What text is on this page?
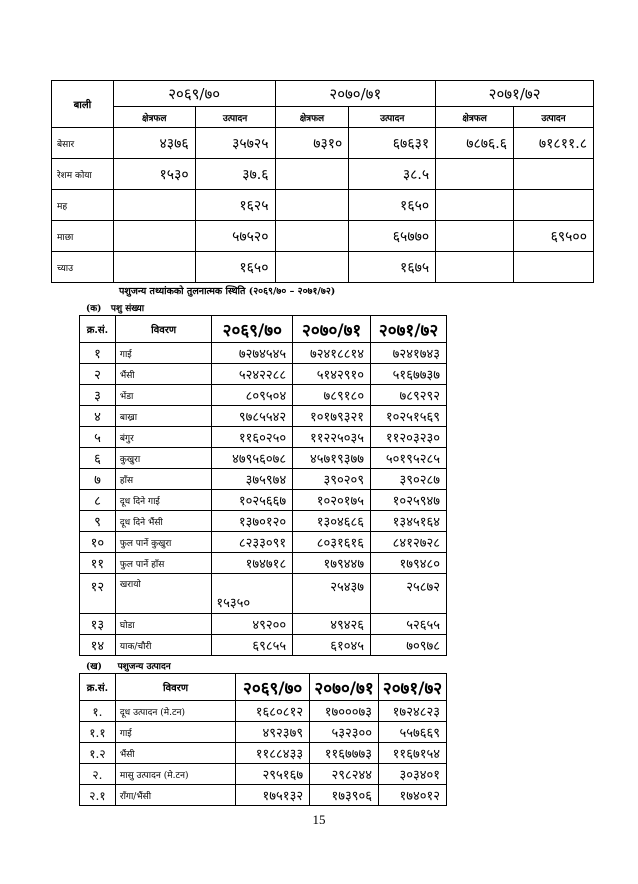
बाली	२०६९/७०		२०७०/७१		२०७१/७२	
	क्षेत्रफल	उत्पादन	क्षेत्रफल	उत्पादन	क्षेत्रफल	उत्पादन
बेसार	४३७६	३५७२५	७३१०	६७६३१	७८७६.६	७१८११.८
रेशम कोया	१५३०	३७.६		३८.५		
मह		१६२५		१६५०		
माछा		५७५२०		६५७७०		६९५००
च्याउ		१६५०		१६७५		
पशुजन्य तथ्यांकको तुलनात्मक स्थिति (२०६९/७० – २०७१/७२)
(क) पशु संख्या
क्र.सं.	विवरण	२०६९/७०	२०७०/७१	२०७१/७२
१	गाई	७२७४५४५	७२४१८८१४	७२४१७४३
२	भैंसी	५२४२२८८	५१४२९१०	५१६७७३७
३	भेंडा	८०९५०४	७८९१८०	७८९२९२
४	बाख्रा	९७८५५४२	१०१७९३२१	१०२५१५६९
५	बंगुर	११६०२५०	११२२५०३५	११२०३२३०
६	कुखुरा	४७९५६०७८	४५७१९३७७	५०१९५२८५
७	हाँस	३७५९७४	३९०२०९	३९०२८७
८	दूध दिने गाई	१०२५६६७	१०२०१७५	१०२५९४७
९	दूध दिने भैंसी	१३७०१२०	१३०४६८६	१३४५१६४
१०	फुल पार्ने कुखुरा	८२३३०९१	८०३१६१६	८४१२७२८
११	फुल पार्ने हाँस	१७४७१८	१७९४४७	१७९४८०
१२	खरायो	१५३५०	२५४३७	२५८७२
१३	घोडा	४९२००	४९४२६	५२६५५
१४	याक/चौरी	६९८५५	६१०४५	७०९७८
(ख) पशुजन्य उत्पादन
क्र.सं.	विवरण	२०६९/७०	२०७०/७१	२०७१/७२
१.	दूध उत्पादन (मे.टन)	१६८०८१२	१७०००७३	१७२४८२३
१.१	गाई	४९२३७९	५३२३००	५५७६६९
१.२	भैंसी	११८८४३३	११६७७७३	११६७१५४
२.	मासु उत्पादन (मे.टन)	२९५१६७	२९८२४४	३०३४०१
२.१	राँगा/भैंसी	१७५१३२	१७३९०६	१७४०१२
15
